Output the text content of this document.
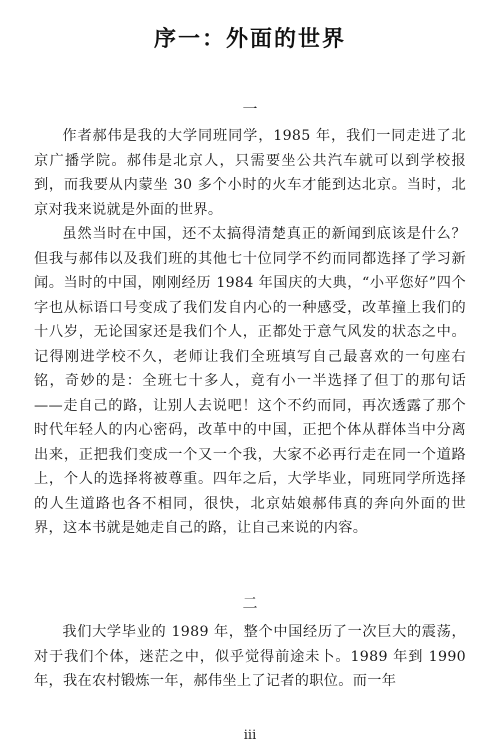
序一：外面的世界
一

作者郝伟是我的大学同班同学，1985 年，我们一同走进了北京广播学院。郝伟是北京人，只需要坐公共汽车就可以到学校报到，而我要从内蒙坐 30 多个小时的火车才能到达北京。当时，北京对我来说就是外面的世界。

虽然当时在中国，还不太搞得清楚真正的新闻到底该是什么？但我与郝伟以及我们班的其他七十位同学不约而同都选择了学习新闻。当时的中国，刚刚经历 1984 年国庆的大典，“小平您好”四个字也从标语口号变成了我们发自内心的一种感受，改革撞上我们的十八岁，无论国家还是我们个人，正都处于意气风发的状态之中。记得刚进学校不久，老师让我们全班填写自己最喜欢的一句座右铭，奇妙的是：全班七十多人，竟有小一半选择了但丁的那句话——走自己的路，让别人去说吧！这个不约而同，再次透露了那个时代年轻人的内心密码，改革中的中国，正把个体从群体当中分离出来，正把我们变成一个又一个我，大家不必再行走在同一个道路上，个人的选择将被尊重。四年之后，大学毕业，同班同学所选择的人生道路也各不相同，很快，北京姑娘郝伟真的奔向外面的世界，这本书就是她走自己的路，让自己来说的内容。

二

我们大学毕业的 1989 年，整个中国经历了一次巨大的震荡，对于我们个体，迷茫之中，似乎觉得前途未卜。1989 年到 1990 年，我在农村锻炼一年，郝伟坐上了记者的职位。而一年

iii
